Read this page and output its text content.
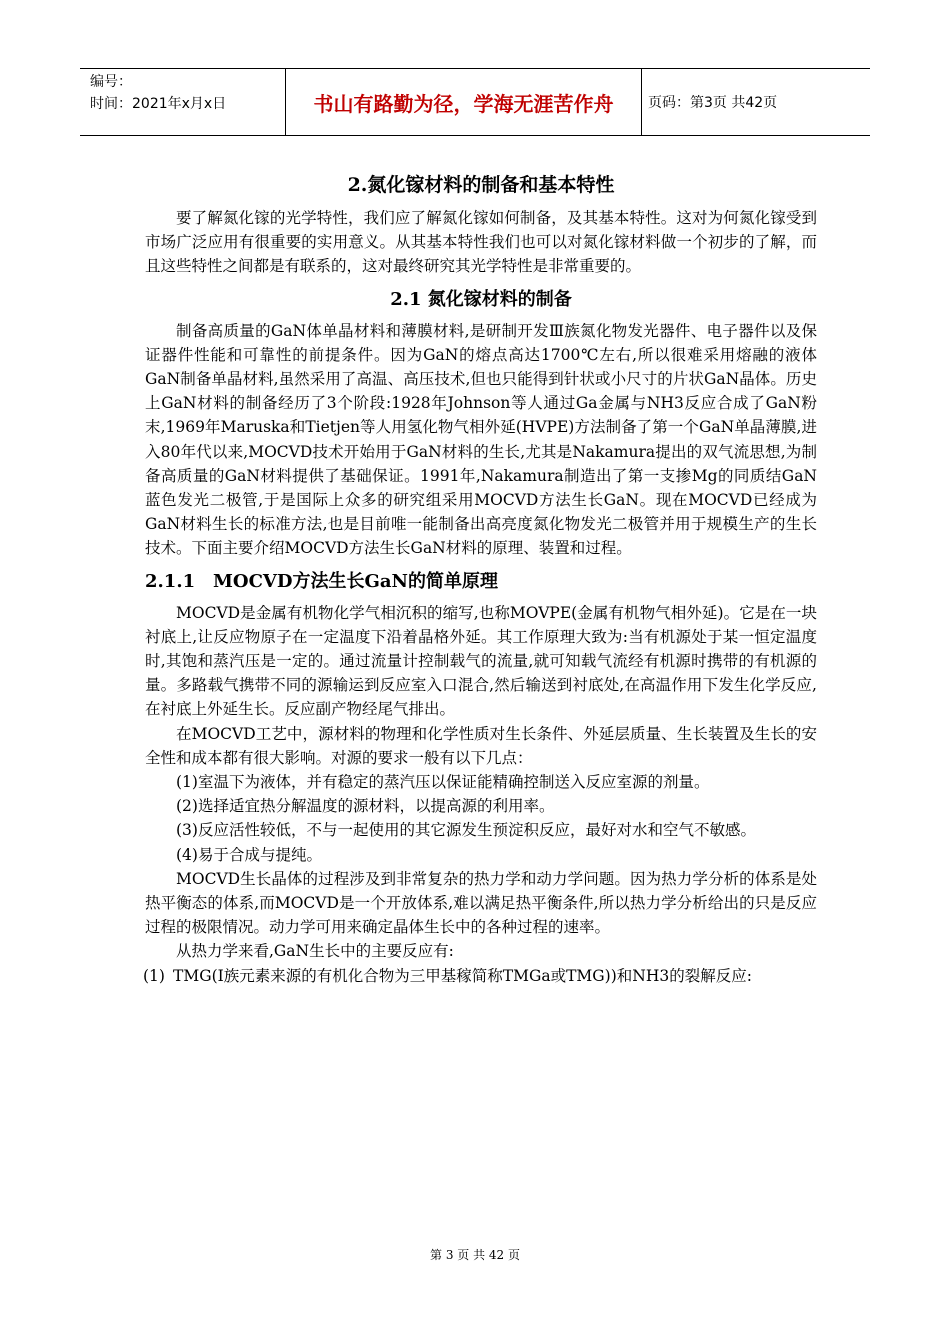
编号：
时间：2021年x月x日	书山有路勤为径，学海无涯苦作舟	页码：第3页 共42页
2.氮化镓材料的制备和基本特性

要了解氮化镓的光学特性，我们应了解氮化镓如何制备，及其基本特性。这对为何氮化镓受到市场广泛应用有很重要的实用意义。从其基本特性我们也可以对氮化镓材料做一个初步的了解，而且这些特性之间都是有联系的，这对最终研究其光学特性是非常重要的。

2.1 氮化镓材料的制备

制备高质量的GaN体单晶材料和薄膜材料,是研制开发Ⅲ族氮化物发光器件、电子器件以及保证器件性能和可靠性的前提条件。因为GaN的熔点高达1700℃左右,所以很难采用熔融的液体GaN制备单晶材料,虽然采用了高温、高压技术,但也只能得到针状或小尺寸的片状GaN晶体。历史上GaN材料的制备经历了3个阶段:1928年Johnson等人通过Ga金属与NH3反应合成了GaN粉末,1969年Maruska和Tietjen等人用氢化物气相外延(HVPE)方法制备了第一个GaN单晶薄膜,进入80年代以来,MOCVD技术开始用于GaN材料的生长,尤其是Nakamura提出的双气流思想,为制备高质量的GaN材料提供了基础保证。1991年,Nakamura制造出了第一支掺Mg的同质结GaN蓝色发光二极管,于是国际上众多的研究组采用MOCVD方法生长GaN。现在MOCVD已经成为GaN材料生长的标准方法,也是目前唯一能制备出高亮度氮化物发光二极管并用于规模生产的生长技术。下面主要介绍MOCVD方法生长GaN材料的原理、装置和过程。

2.1.1 MOCVD方法生长GaN的简单原理

MOCVD是金属有机物化学气相沉积的缩写,也称MOVPE(金属有机物气相外延)。它是在一块衬底上,让反应物原子在一定温度下沿着晶格外延。其工作原理大致为:当有机源处于某一恒定温度时,其饱和蒸汽压是一定的。通过流量计控制载气的流量,就可知载气流经有机源时携带的有机源的量。多路载气携带不同的源输运到反应室入口混合,然后输送到衬底处,在高温作用下发生化学反应,在衬底上外延生长。反应副产物经尾气排出。

在MOCVD工艺中，源材料的物理和化学性质对生长条件、外延层质量、生长装置及生长的安全性和成本都有很大影响。对源的要求一般有以下几点：

(1)室温下为液体，并有稳定的蒸汽压以保证能精确控制送入反应室源的剂量。

(2)选择适宜热分解温度的源材料，以提高源的利用率。

(3)反应活性较低，不与一起使用的其它源发生预淀积反应，最好对水和空气不敏感。

(4)易于合成与提纯。

MOCVD生长晶体的过程涉及到非常复杂的热力学和动力学问题。因为热力学分析的体系是处热平衡态的体系,而MOCVD是一个开放体系,难以满足热平衡条件,所以热力学分析给出的只是反应过程的极限情况。动力学可用来确定晶体生长中的各种过程的速率。

从热力学来看,GaN生长中的主要反应有:

(1) TMG(I族元素来源的有机化合物为三甲基稼简称TMGa或TMG))和NH3的裂解反应:
第 3 页 共 42 页
